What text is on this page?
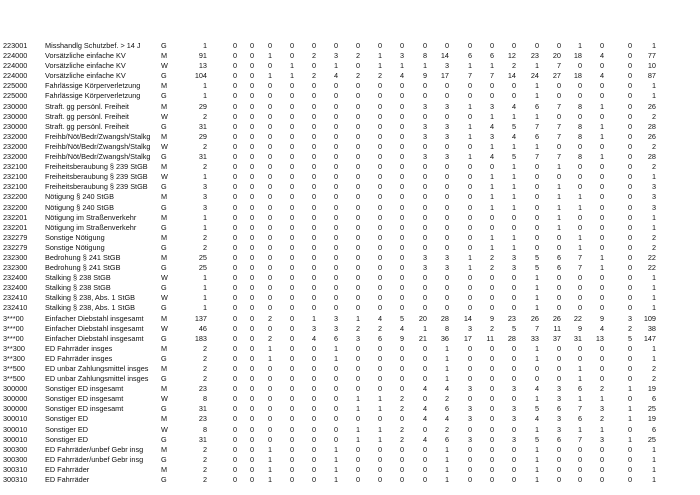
223001	Misshandlg Schutzbef. > 14 J	G	1	0	0	0	0	0	0	0	0	0	0	0	0	0	0	0	0	1	0	0	1
224000	Vorsätzliche einfache KV	M	91	0	0	1	0	2	3	2	1	3	8	14	6	6	12	23	20	18	4	0	77
224000	Vorsätzliche einfache KV	W	13	0	0	0	1	0	1	0	1	1	1	3	1	1	2	1	7	0	0	0	10
224000	Vorsätzliche einfache KV	G	104	0	0	1	1	2	4	2	2	4	9	17	7	7	14	24	27	18	4	0	87
225000	Fahrlässige Körperverletzung	M	1	0	0	0	0	0	0	0	0	0	0	0	0	0	0	1	0	0	0	0	1
225000	Fahrlässige Körperverletzung	G	1	0	0	0	0	0	0	0	0	0	0	0	0	0	0	1	0	0	0	0	1
230000	Straft. gg persönl. Freiheit	M	29	0	0	0	0	0	0	0	0	0	3	3	1	3	4	6	7	8	1	0	26
230000	Straft. gg persönl. Freiheit	W	2	0	0	0	0	0	0	0	0	0	0	0	0	1	1	1	0	0	0	0	2
230000	Straft. gg persönl. Freiheit	G	31	0	0	0	0	0	0	0	0	0	3	3	1	4	5	7	7	8	1	0	28
232000	Freihb/Nöt/Bedr/Zwangsh/Stalkg	M	29	0	0	0	0	0	0	0	0	0	3	3	1	3	4	6	7	8	1	0	26
232000	Freihb/Nöt/Bedr/Zwangsh/Stalkg	W	2	0	0	0	0	0	0	0	0	0	0	0	0	1	1	1	0	0	0	0	2
232000	Freihb/Nöt/Bedr/Zwangsh/Stalkg	G	31	0	0	0	0	0	0	0	0	0	3	3	1	4	5	7	7	8	1	0	28
232100	Freiheitsberaubung § 239 StGB	M	2	0	0	0	0	0	0	0	0	0	0	0	0	0	1	0	1	0	0	0	2
232100	Freiheitsberaubung § 239 StGB	W	1	0	0	0	0	0	0	0	0	0	0	0	0	1	1	0	0	0	0	0	1
232100	Freiheitsberaubung § 239 StGB	G	3	0	0	0	0	0	0	0	0	0	0	0	0	1	1	0	1	0	0	0	3
232200	Nötigung § 240 StGB	M	3	0	0	0	0	0	0	0	0	0	0	0	0	1	1	0	1	1	0	0	3
232200	Nötigung § 240 StGB	G	3	0	0	0	0	0	0	0	0	0	0	0	0	1	1	0	1	1	0	0	3
232201	Nötigung im Straßenverkehr	M	1	0	0	0	0	0	0	0	0	0	0	0	0	0	0	0	1	0	0	0	1
232201	Nötigung im Straßenverkehr	G	1	0	0	0	0	0	0	0	0	0	0	0	0	0	0	0	1	0	0	0	1
232279	Sonstige Nötigung	M	2	0	0	0	0	0	0	0	0	0	0	0	0	1	1	0	0	1	0	0	2
232279	Sonstige Nötigung	G	2	0	0	0	0	0	0	0	0	0	0	0	0	1	1	0	0	1	0	0	2
232300	Bedrohung § 241 StGB	M	25	0	0	0	0	0	0	0	0	0	3	3	1	2	3	5	6	7	1	0	22
232300	Bedrohung § 241 StGB	G	25	0	0	0	0	0	0	0	0	0	3	3	1	2	3	5	6	7	1	0	22
232400	Stalking § 238 StGB	W	1	0	0	0	0	0	0	0	0	0	0	0	0	0	0	1	0	0	0	0	1
232400	Stalking § 238 StGB	G	1	0	0	0	0	0	0	0	0	0	0	0	0	0	0	1	0	0	0	0	1
232410	Stalking § 238, Abs. 1 StGB	W	1	0	0	0	0	0	0	0	0	0	0	0	0	0	0	1	0	0	0	0	1
232410	Stalking § 238, Abs. 1 StGB	G	1	0	0	0	0	0	0	0	0	0	0	0	0	0	0	1	0	0	0	0	1
3***00	Einfacher Diebstahl insgesamt	M	137	0	0	2	0	1	3	1	4	5	20	28	14	9	23	26	26	22	9	3	109
3***00	Einfacher Diebstahl insgesamt	W	46	0	0	0	0	3	3	2	2	4	1	8	3	2	5	7	11	9	4	2	38
3***00	Einfacher Diebstahl insgesamt	G	183	0	0	2	0	4	6	3	6	9	21	36	17	11	28	33	37	31	13	5	147
3**300	ED Fahrräder insges	M	2	0	0	1	0	0	1	0	0	0	0	1	0	0	0	1	0	0	0	0	1
3**300	ED Fahrräder insges	G	2	0	0	1	0	0	1	0	0	0	0	1	0	0	0	1	0	0	0	0	1
3**500	ED unbar Zahlungsmittel insges	M	2	0	0	0	0	0	0	0	0	0	0	1	0	0	0	0	0	1	0	0	2
3**500	ED unbar Zahlungsmittel insges	G	2	0	0	0	0	0	0	0	0	0	0	1	0	0	0	0	0	1	0	0	2
300000	Sonstiger ED insgesamt	M	23	0	0	0	0	0	0	0	0	0	4	4	3	0	3	4	3	6	2	1	19
300000	Sonstiger ED insgesamt	W	8	0	0	0	0	0	0	1	1	2	0	2	0	0	0	1	3	1	1	0	6
300000	Sonstiger ED insgesamt	G	31	0	0	0	0	0	0	1	1	2	4	6	3	0	3	5	6	7	3	1	25
300010	Sonstiger ED	M	23	0	0	0	0	0	0	0	0	0	4	4	3	0	3	4	3	6	2	1	19
300010	Sonstiger ED	W	8	0	0	0	0	0	0	1	1	2	0	2	0	0	0	1	3	1	1	0	6
300010	Sonstiger ED	G	31	0	0	0	0	0	0	1	1	2	4	6	3	0	3	5	6	7	3	1	25
300300	ED Fahrräder/unbef Gebr insg	M	2	0	0	1	0	0	1	0	0	0	0	1	0	0	0	1	0	0	0	0	1
300300	ED Fahrräder/unbef Gebr insg	G	2	0	0	1	0	0	1	0	0	0	0	1	0	0	0	1	0	0	0	0	1
300310	ED Fahrräder	M	2	0	0	1	0	0	1	0	0	0	0	1	0	0	0	1	0	0	0	0	1
300310	ED Fahrräder	G	2	0	0	1	0	0	1	0	0	0	0	1	0	0	0	1	0	0	0	0	1
